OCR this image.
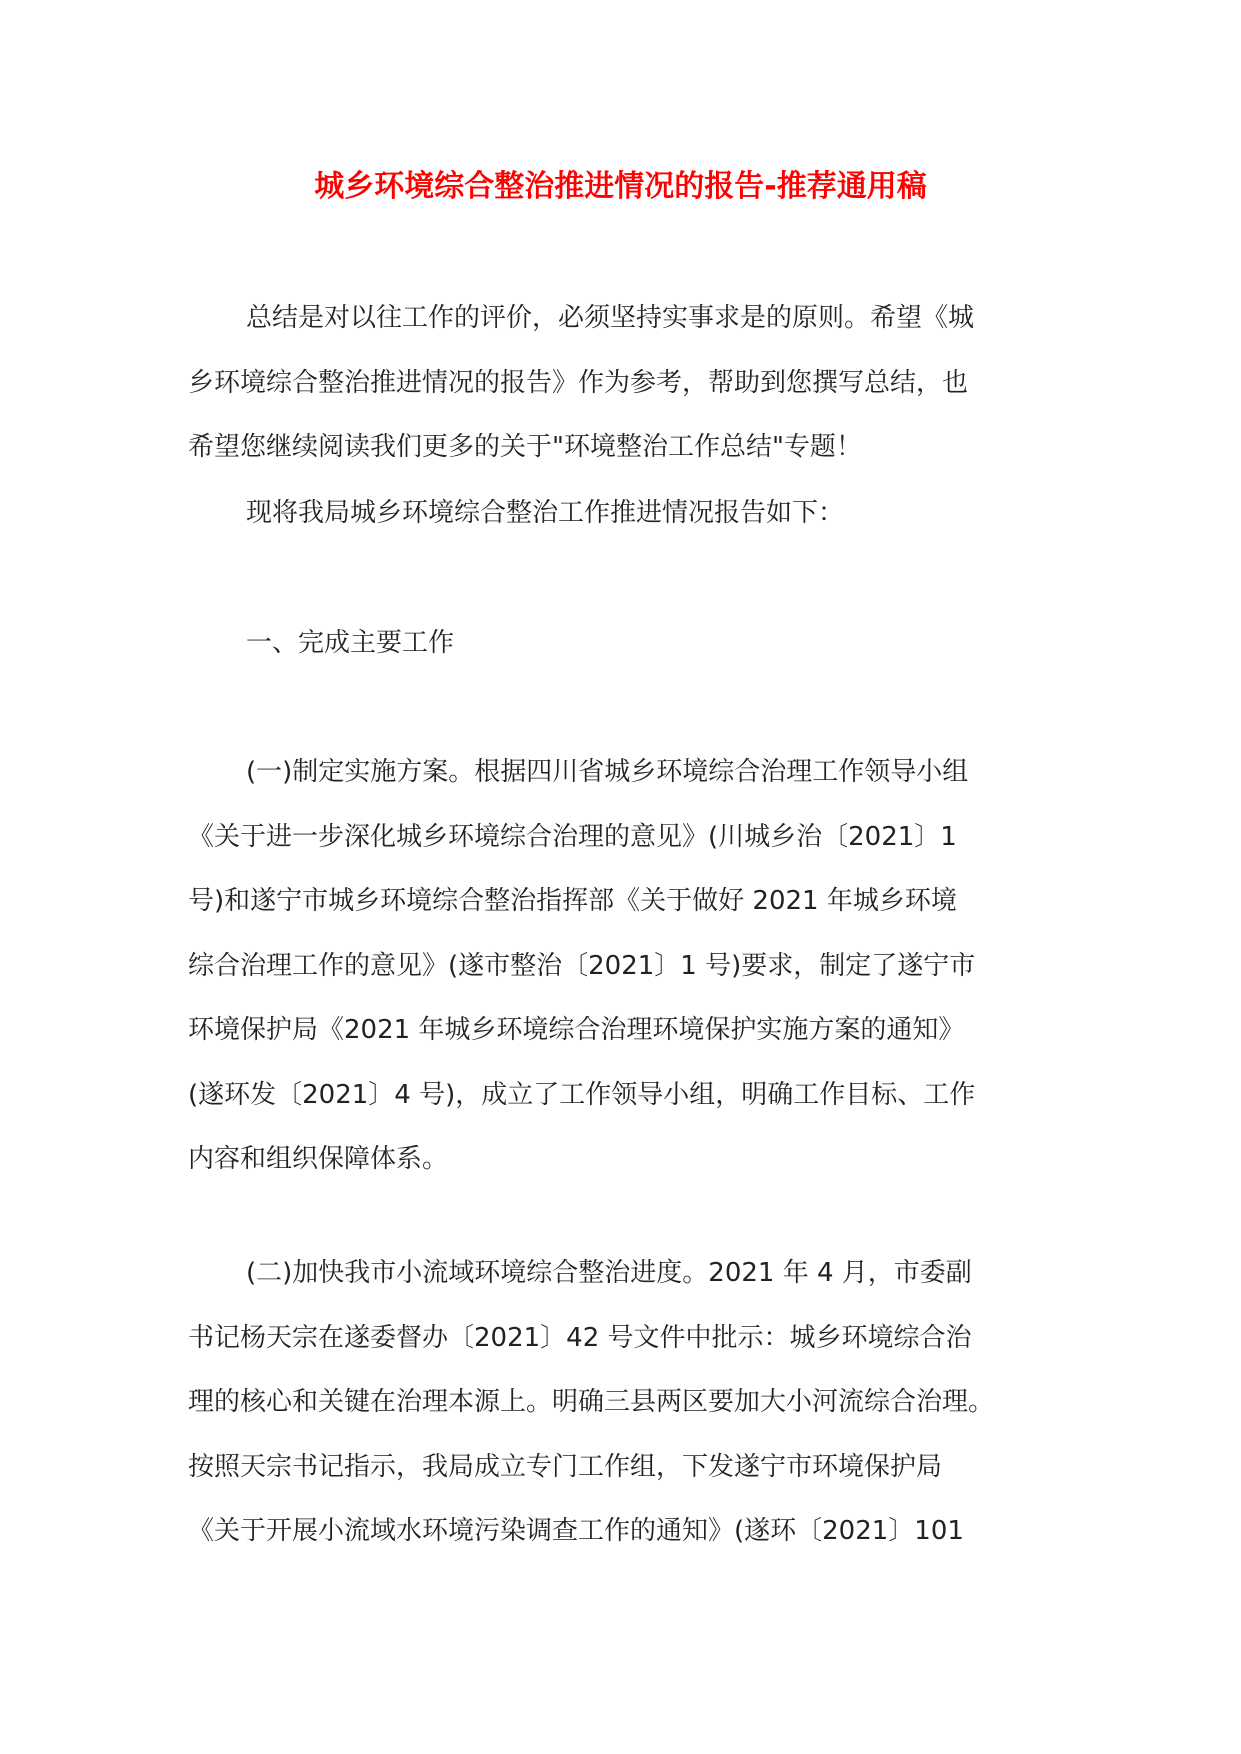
城乡环境综合整治推进情况的报告-推荐通用稿
总结是对以往工作的评价，必须坚持实事求是的原则。希望《城
乡环境综合整治推进情况的报告》作为参考，帮助到您撰写总结，也
希望您继续阅读我们更多的关于"环境整治工作总结"专题！
现将我局城乡环境综合整治工作推进情况报告如下：
一、完成主要工作
(一)制定实施方案。根据四川省城乡环境综合治理工作领导小组
《关于进一步深化城乡环境综合治理的意见》(川城乡治〔2021〕1
号)和遂宁市城乡环境综合整治指挥部《关于做好 2021 年城乡环境
综合治理工作的意见》(遂市整治〔2021〕1 号)要求，制定了遂宁市
环境保护局《2021 年城乡环境综合治理环境保护实施方案的通知》
(遂环发〔2021〕4 号)，成立了工作领导小组，明确工作目标、工作
内容和组织保障体系。
(二)加快我市小流域环境综合整治进度。2021 年 4 月，市委副
书记杨天宗在遂委督办〔2021〕42 号文件中批示：城乡环境综合治
理的核心和关键在治理本源上。明确三县两区要加大小河流综合治理。
按照天宗书记指示，我局成立专门工作组，下发遂宁市环境保护局
《关于开展小流域水环境污染调查工作的通知》(遂环〔2021〕101
